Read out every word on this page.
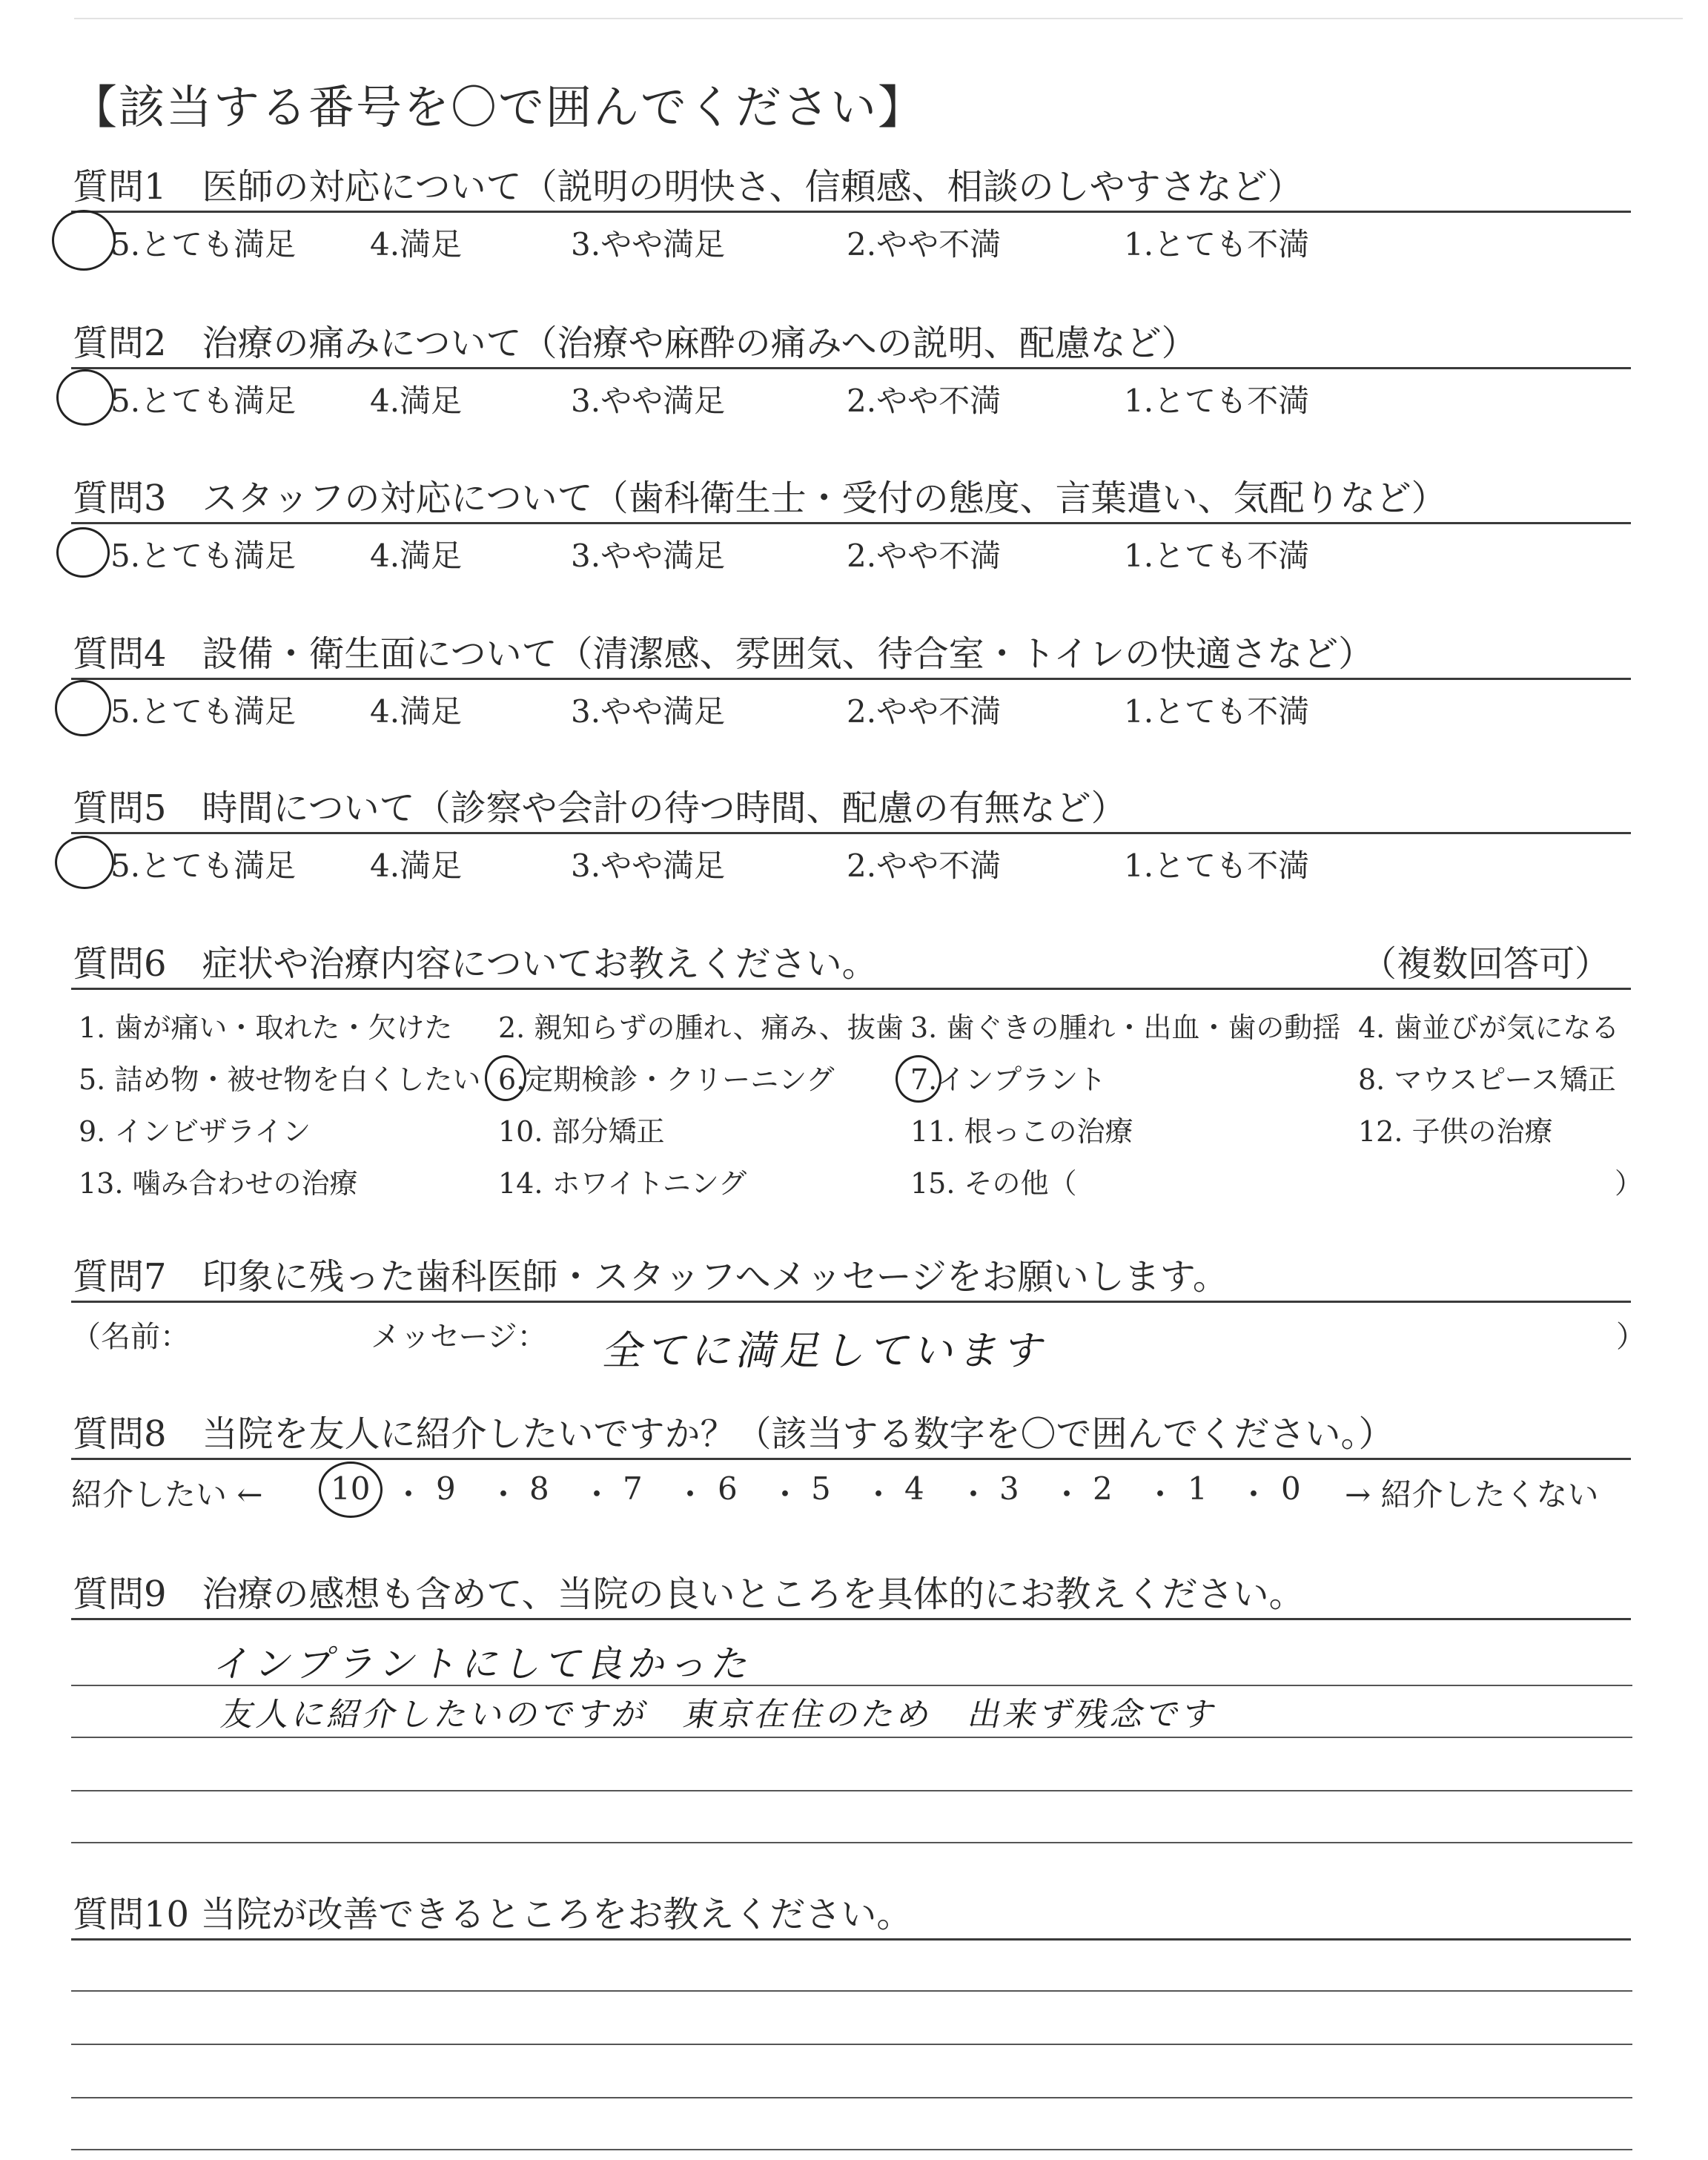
【該当する番号を〇で囲んでください】
質問1　医師の対応について（説明の明快さ、信頼感、相談のしやすさなど）
5.とても満足 4.満足	3.やや満足	2.やや不満	1.とても不満
質問2　治療の痛みについて（治療や麻酔の痛みへの説明、配慮など）
5.とても満足 4.満足	3.やや満足	2.やや不満	1.とても不満
質問3　スタッフの対応について（歯科衛生士・受付の態度、言葉遣い、気配りなど）
5.とても満足 4.満足	3.やや満足	2.やや不満	1.とても不満
質問4　設備・衛生面について（清潔感、雰囲気、待合室・トイレの快適さなど）
5.とても満足 4.満足	3.やや満足	2.やや不満	1.とても不満
質問5　時間について（診察や会計の待つ時間、配慮の有無など）
5.とても満足 4.満足	3.やや満足	2.やや不満	1.とても不満
質問6　症状や治療内容についてお教えください。	（複数回答可）
1. 歯が痛い・取れた・欠けた 2. 親知らずの腫れ、痛み、抜歯 3. 歯ぐきの腫れ・出血・歯の動揺 4. 歯並びが気になる
5. 詰め物・被せ物を白くしたい 6.定期検診・クリーニング	7.インプラント	8. マウスピース矯正
9. インビザライン	10. 部分矯正	11. 根っこの治療	12. 子供の治療
13. 噛み合わせの治療	14. ホワイトニング	15. その他（	）
質問7　印象に残った歯科医師・スタッフへメッセージをお願いします。
（名前：	メッセージ：	）
全てに満足しています
質問8　当院を友人に紹介したいですか？（該当する数字を〇で囲んでください。）
紹介したい ← 10 ・ 9 ・ 8 ・ 7 ・ 6 ・ 5 ・ 4 ・ 3 ・ 2 ・ 1 ・ 0 → 紹介したくない
質問9　治療の感想も含めて、当院の良いところを具体的にお教えください。
インプラントにして良かった
友人に紹介したいのですが　東京在住のため　出来ず残念です
質問10 当院が改善できるところをお教えください。
